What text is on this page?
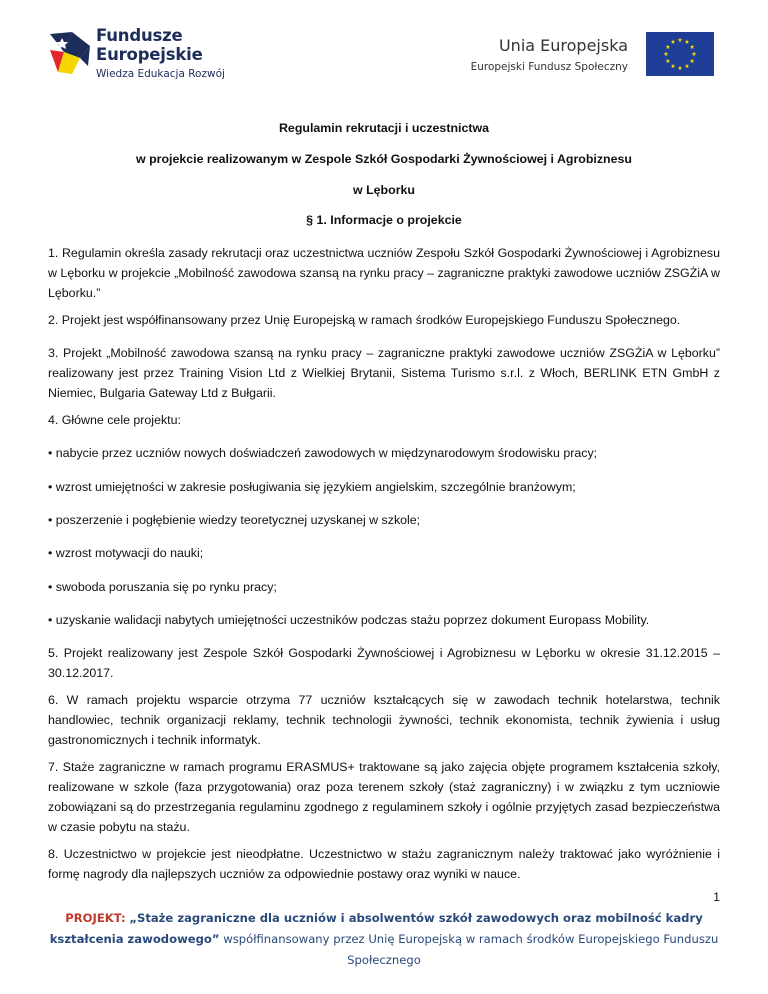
Fundusze
Europejskie
Wiedza Edukacja Rozwój
Unia Europejska
Europejski Fundusz Społeczny
Regulamin rekrutacji i uczestnictwa
w projekcie realizowanym w Zespole Szkół Gospodarki Żywnościowej i Agrobiznesu
w Lęborku
§ 1. Informacje o projekcie
1. Regulamin określa zasady rekrutacji oraz uczestnictwa uczniów Zespołu Szkół Gospodarki Żywnościowej i Agrobiznesu w Lęborku w projekcie „Mobilność zawodowa szansą na rynku pracy – zagraniczne praktyki zawodowe uczniów ZSGŻiA w Lęborku.”
2. Projekt jest współfinansowany przez Unię Europejską w ramach środków Europejskiego Funduszu Społecznego.
3. Projekt „Mobilność zawodowa szansą na rynku pracy – zagraniczne praktyki zawodowe uczniów ZSGŻiA w Lęborku” realizowany jest przez Training Vision Ltd z Wielkiej Brytanii, Sistema Turismo s.r.l. z Włoch, BERLINK ETN GmbH z Niemiec, Bulgaria Gateway Ltd z Bułgarii.
4. Główne cele projektu:
• nabycie przez uczniów nowych doświadczeń zawodowych w międzynarodowym środowisku pracy;
• wzrost umiejętności w zakresie posługiwania się językiem angielskim, szczególnie branżowym;
• poszerzenie i pogłębienie wiedzy teoretycznej uzyskanej w szkole;
• wzrost motywacji do nauki;
• swoboda poruszania się po rynku pracy;
• uzyskanie walidacji nabytych umiejętności uczestników podczas stażu poprzez dokument Europass Mobility.
5. Projekt realizowany jest Zespole Szkół Gospodarki Żywnościowej i Agrobiznesu w Lęborku w okresie 31.12.2015 – 30.12.2017.
6. W ramach projektu wsparcie otrzyma 77 uczniów kształcących się w zawodach technik hotelarstwa, technik handlowiec, technik organizacji reklamy, technik technologii żywności, technik ekonomista, technik żywienia i usług gastronomicznych i technik informatyk.
7. Staże zagraniczne w ramach programu ERASMUS+ traktowane są jako zajęcia objęte programem kształcenia szkoły, realizowane w szkole (faza przygotowania) oraz poza terenem szkoły (staż zagraniczny) i w związku z tym uczniowie zobowiązani są do przestrzegania regulaminu zgodnego z regulaminem szkoły i ogólnie przyjętych zasad bezpieczeństwa w czasie pobytu na stażu.
8. Uczestnictwo w projekcie jest nieodpłatne. Uczestnictwo w stażu zagranicznym należy traktować jako wyróżnienie i formę nagrody dla najlepszych uczniów za odpowiednie postawy oraz wyniki w nauce.
1
PROJEKT: „Staże zagraniczne dla uczniów i absolwentów szkół zawodowych oraz mobilność kadry kształcenia zawodowego” współfinansowany przez Unię Europejską w ramach środków Europejskiego Funduszu Społecznego
